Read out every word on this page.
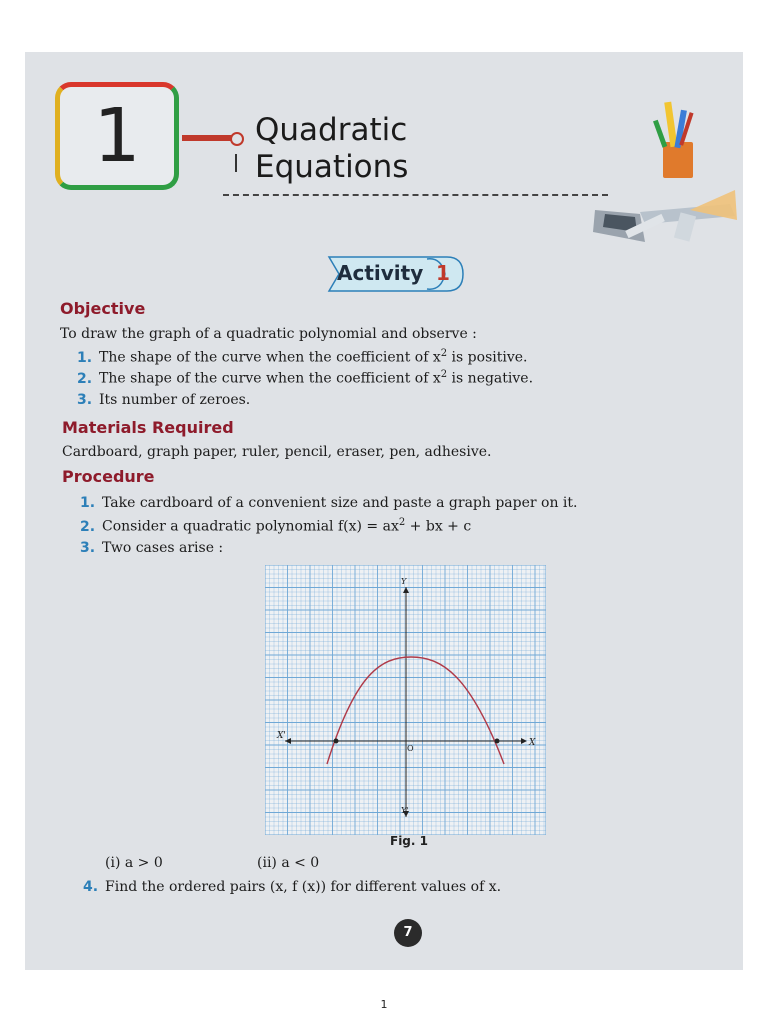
1	Quadratic
Equations
Activity 1
Objective
To draw the graph of a quadratic polynomial and observe :
1. The shape of the curve when the coefficient of $x^2$ is positive.
2. The shape of the curve when the coefficient of $x^2$ is negative.
3. Its number of zeroes.
Materials Required
Cardboard, graph paper, ruler, pencil, eraser, pen, adhesive.
Procedure
1. Take cardboard of a convenient size and paste a graph paper on it.
2. Consider a quadratic polynomial $f(x) = ax^2$ + bx + c
3. Two cases arise :
X
X'
Y
Y'
O
Fig. 1
(i) a > 0	(ii) a < 0
4. Find the ordered pairs (x, f (x)) for different values of x.
7
1
